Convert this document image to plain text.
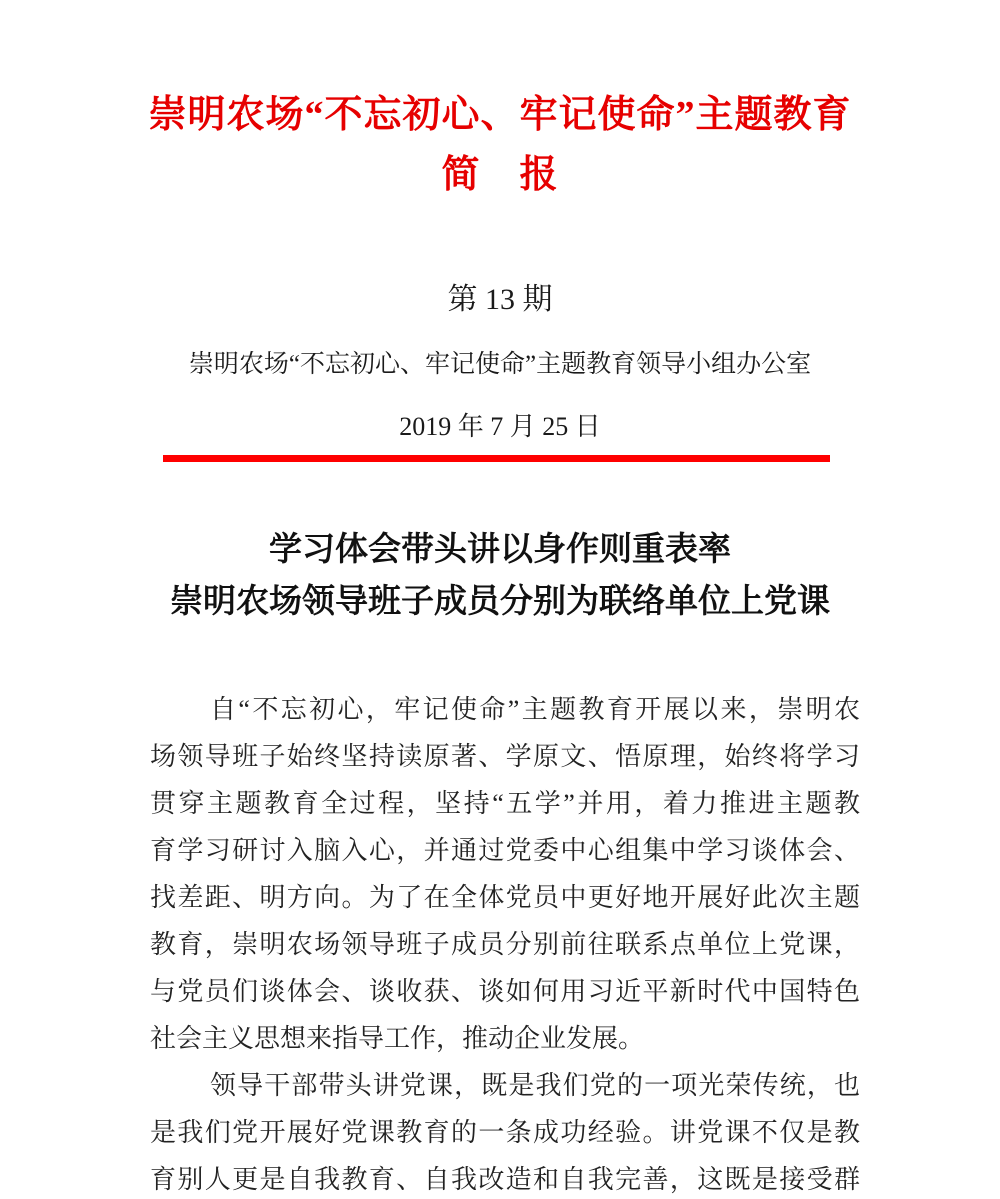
崇明农场“不忘初心、牢记使命”主题教育
简　报
第 13 期
崇明农场“不忘初心、牢记使命”主题教育领导小组办公室
2019 年 7 月 25 日
学习体会带头讲以身作则重表率
崇明农场领导班子成员分别为联络单位上党课
自“不忘初心，牢记使命”主题教育开展以来，崇明农
场领导班子始终坚持读原著、学原文、悟原理，始终将学习
贯穿主题教育全过程，坚持“五学”并用，着力推进主题教
育学习研讨入脑入心，并通过党委中心组集中学习谈体会、
找差距、明方向。为了在全体党员中更好地开展好此次主题
教育，崇明农场领导班子成员分别前往联系点单位上党课，
与党员们谈体会、谈收获、谈如何用习近平新时代中国特色
社会主义思想来指导工作，推动企业发展。
领导干部带头讲党课，既是我们党的一项光荣传统，也
是我们党开展好党课教育的一条成功经验。讲党课不仅是教
育别人更是自我教育、自我改造和自我完善，这既是接受群
